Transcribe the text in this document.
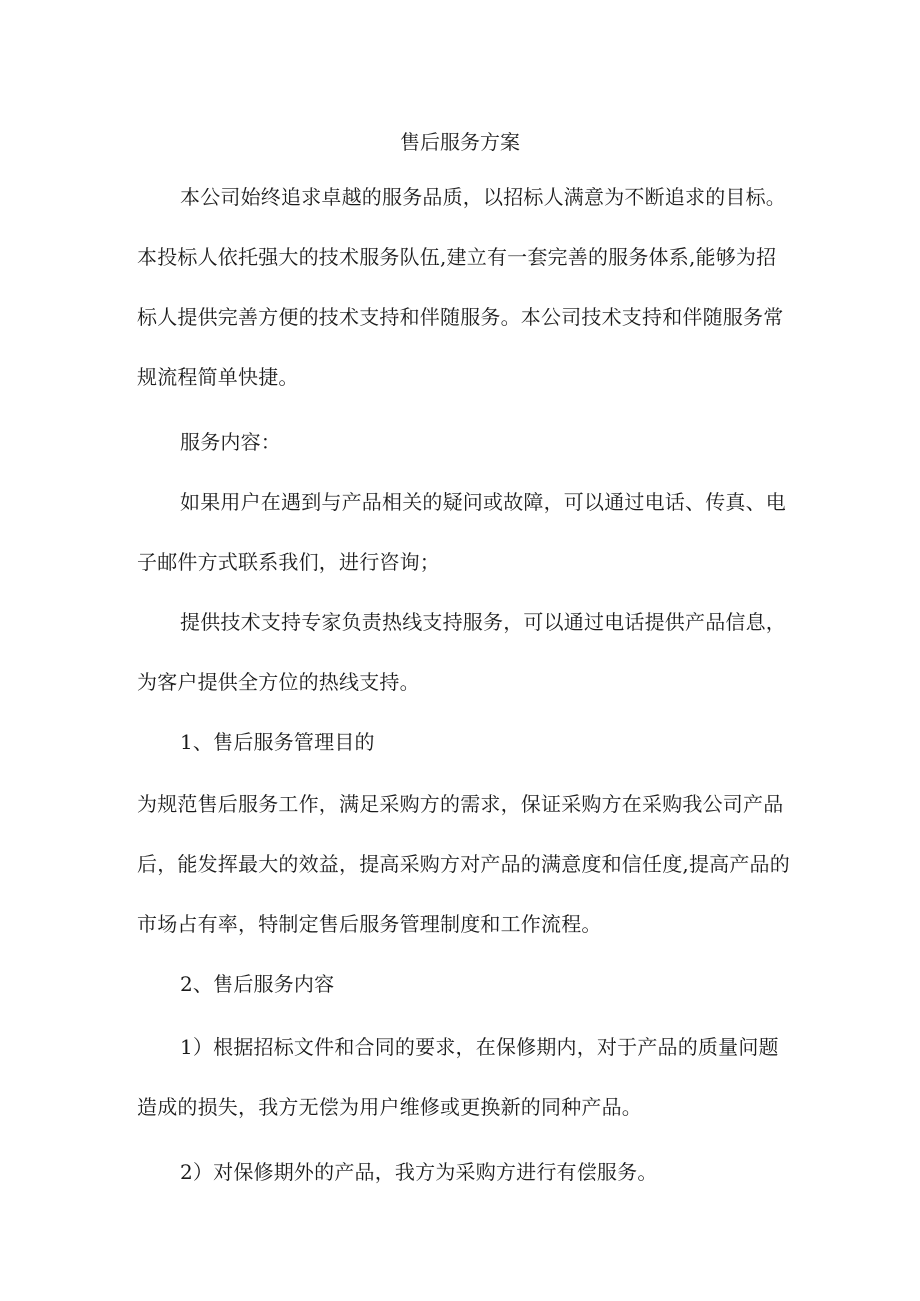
售后服务方案
本公司始终追求卓越的服务品质，以招标人满意为不断追求的目标。
本投标人依托强大的技术服务队伍,建立有一套完善的服务体系,能够为招
标人提供完善方便的技术支持和伴随服务。本公司技术支持和伴随服务常
规流程简单快捷。
服务内容：
如果用户在遇到与产品相关的疑问或故障，可以通过电话、传真、电
子邮件方式联系我们，进行咨询；
提供技术支持专家负责热线支持服务，可以通过电话提供产品信息，
为客户提供全方位的热线支持。
1、售后服务管理目的
为规范售后服务工作，满足采购方的需求，保证采购方在采购我公司产品
后，能发挥最大的效益，提高采购方对产品的满意度和信任度,提高产品的
市场占有率，特制定售后服务管理制度和工作流程。
2、售后服务内容
1）根据招标文件和合同的要求，在保修期内，对于产品的质量问题
造成的损失，我方无偿为用户维修或更换新的同种产品。
2）对保修期外的产品，我方为采购方进行有偿服务。
